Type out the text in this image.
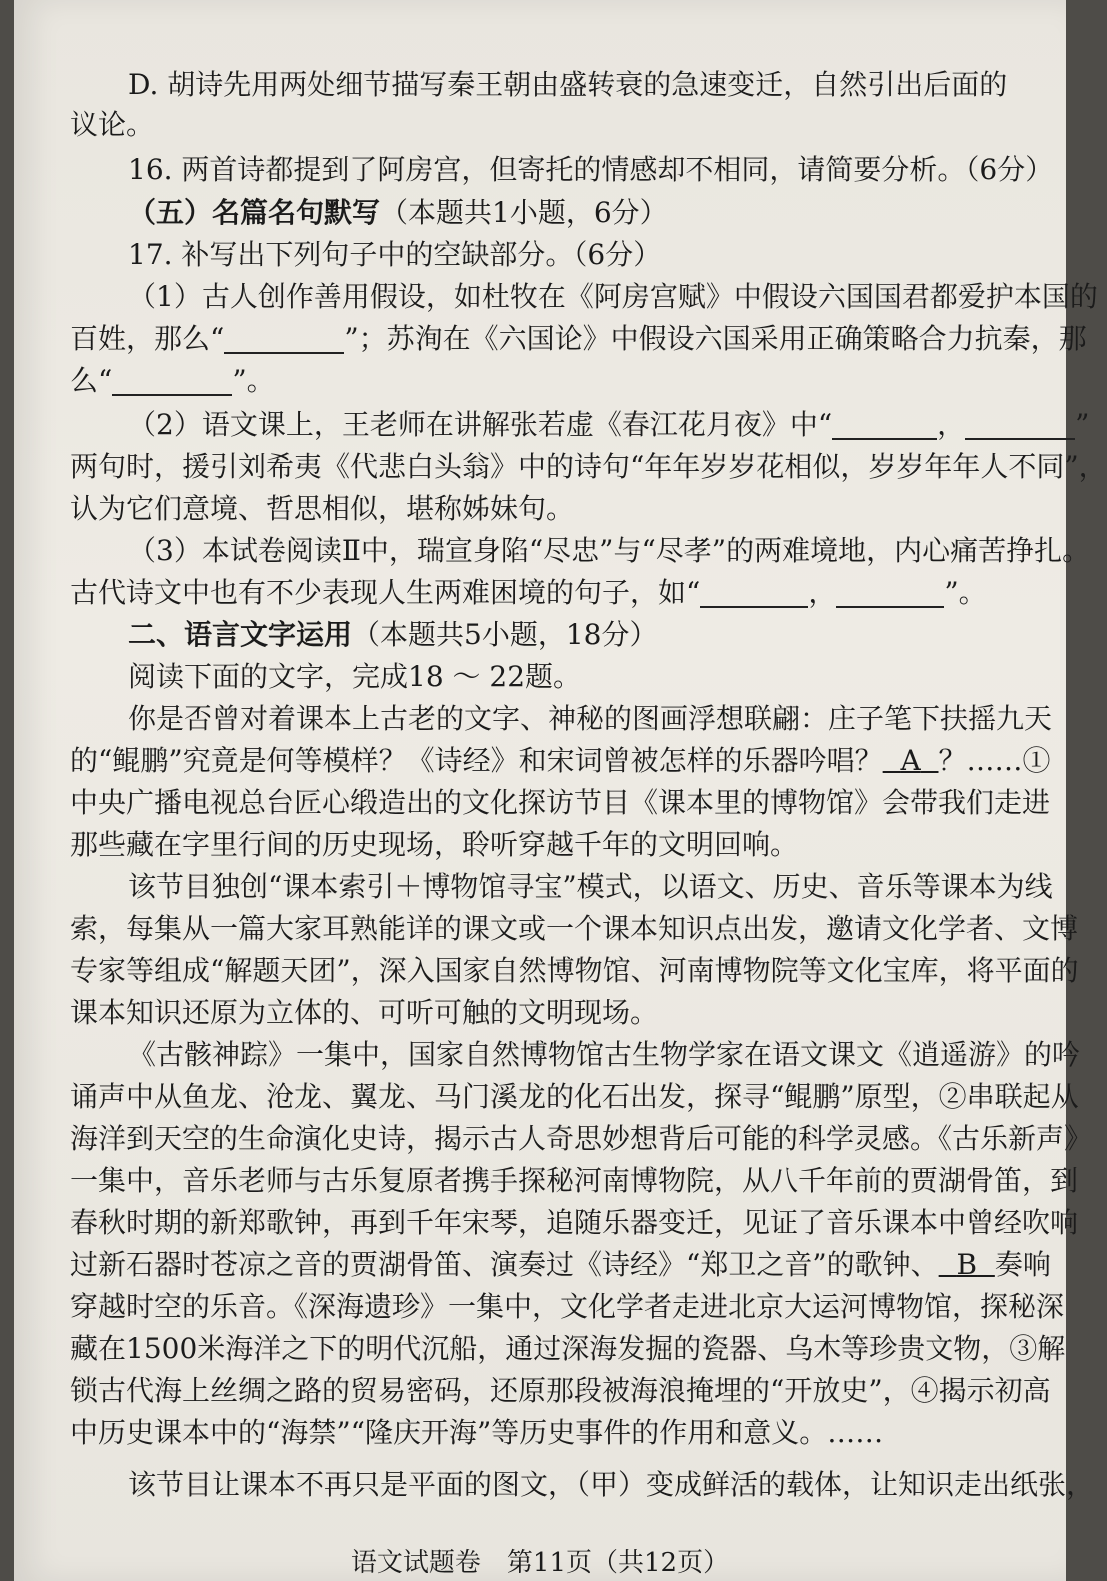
D. 胡诗先用两处细节描写秦王朝由盛转衰的急速变迁，自然引出后面的
议论。
16. 两首诗都提到了阿房宫，但寄托的情感却不相同，请简要分析。（6分）
（五）名篇名句默写（本题共1小题，6分）
17. 补写出下列句子中的空缺部分。（6分）
（1）古人创作善用假设，如杜牧在《阿房宫赋》中假设六国国君都爱护本国的
百姓，那么“	”；苏洵在《六国论》中假设六国采用正确策略合力抗秦，那
么“	”。
（2）语文课上，王老师在讲解张若虚《春江花月夜》中“	，	”
两句时，援引刘希夷《代悲白头翁》中的诗句“年年岁岁花相似，岁岁年年人不同”，
认为它们意境、哲思相似，堪称姊妹句。
（3）本试卷阅读Ⅱ中，瑞宣身陷“尽忠”与“尽孝”的两难境地，内心痛苦挣扎。
古代诗文中也有不少表现人生两难困境的句子，如“	，	”。
二、语言文字运用（本题共5小题，18分）
阅读下面的文字，完成18 ～ 22题。
你是否曾对着课本上古老的文字、神秘的图画浮想联翩：庄子笔下扶摇九天
的“鲲鹏”究竟是何等模样？《诗经》和宋词曾被怎样的乐器吟唱？ A ？……①
中央广播电视总台匠心缎造出的文化探访节目《课本里的博物馆》会带我们走进
那些藏在字里行间的历史现场，聆听穿越千年的文明回响。
该节目独创“课本索引＋博物馆寻宝”模式，以语文、历史、音乐等课本为线
索，每集从一篇大家耳熟能详的课文或一个课本知识点出发，邀请文化学者、文博
专家等组成“解题天团”，深入国家自然博物馆、河南博物院等文化宝库，将平面的
课本知识还原为立体的、可听可触的文明现场。
《古骸神踪》一集中，国家自然博物馆古生物学家在语文课文《逍遥游》的吟
诵声中从鱼龙、沧龙、翼龙、马门溪龙的化石出发，探寻“鲲鹏”原型，②串联起从
海洋到天空的生命演化史诗，揭示古人奇思妙想背后可能的科学灵感。《古乐新声》
一集中，音乐老师与古乐复原者携手探秘河南博物院，从八千年前的贾湖骨笛，到
春秋时期的新郑歌钟，再到千年宋琴，追随乐器变迁，见证了音乐课本中曾经吹响
过新石器时苍凉之音的贾湖骨笛、演奏过《诗经》“郑卫之音”的歌钟、 B 奏响
穿越时空的乐音。《深海遗珍》一集中，文化学者走进北京大运河博物馆，探秘深
藏在1500米海洋之下的明代沉船，通过深海发掘的瓷器、乌木等珍贵文物，③解
锁古代海上丝绸之路的贸易密码，还原那段被海浪掩埋的“开放史”，④揭示初高
中历史课本中的“海禁”“隆庆开海”等历史事件的作用和意义。……
该节目让课本不再只是平面的图文，（甲）变成鲜活的载体，让知识走出纸张，
语文试题卷　第11页（共12页）
